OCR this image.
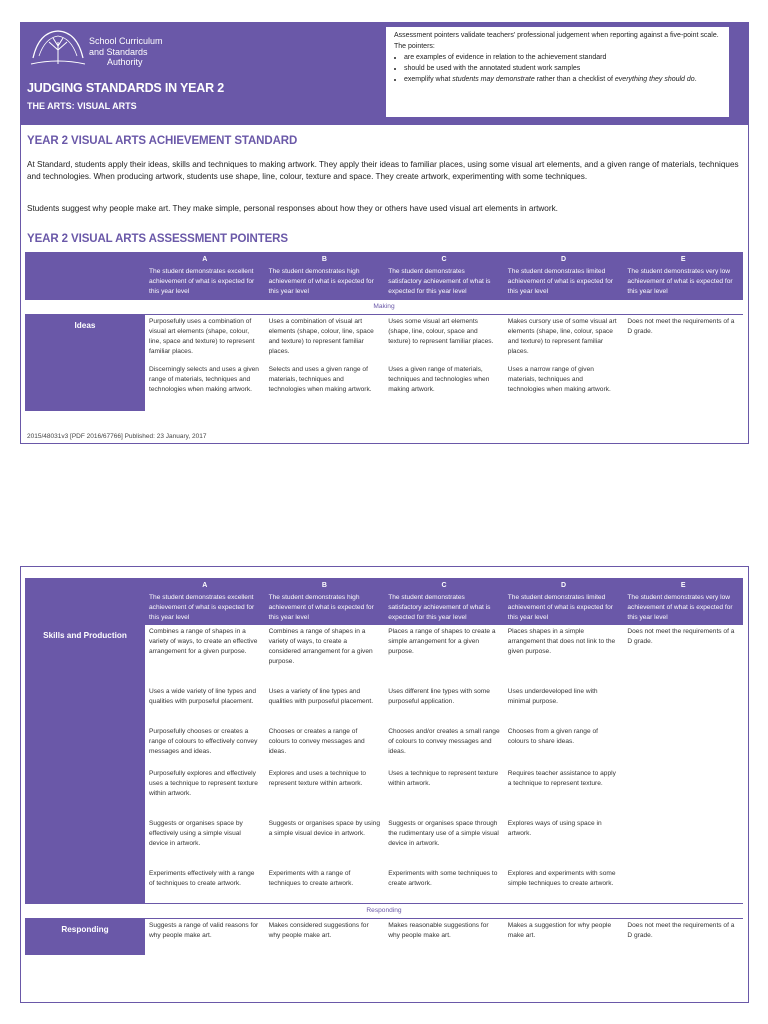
School Curriculum
and Standards
Authority
JUDGING STANDARDS IN YEAR 2
THE ARTS: VISUAL ARTS
Assessment pointers validate teachers' professional judgement when reporting against a five-point scale. The pointers:
• are examples of evidence in relation to the achievement standard
• should be used with the annotated student work samples
• exemplify what students may demonstrate rather than a checklist of everything they should do.
YEAR 2 VISUAL ARTS ACHIEVEMENT STANDARD
At Standard, students apply their ideas, skills and techniques to making artwork. They apply their ideas to familiar places, using some visual art elements, and a given range of materials, techniques and technologies. When producing artwork, students use shape, line, colour, texture and space. They create artwork, experimenting with some techniques.
Students suggest why people make art. They make simple, personal responses about how they or others have used visual art elements in artwork.
YEAR 2 VISUAL ARTS ASSESSMENT POINTERS
	A	B	C	D	E
	The student demonstrates excellent achievement of what is expected for this year level	The student demonstrates high achievement of what is expected for this year level	The student demonstrates satisfactory achievement of what is expected for this year level	The student demonstrates limited achievement of what is expected for this year level	The student demonstrates very low achievement of what is expected for this year level
Making					
Ideas	Purposefully uses a combination of visual art elements (shape, colour, line, space and texture) to represent familiar places.	Uses a combination of visual art elements (shape, colour, line, space and texture) to represent familiar places.	Uses some visual art elements (shape, line, colour, space and texture) to represent familiar places.	Makes cursory use of some visual art elements (shape, line, colour, space and texture) to represent familiar places.	Does not meet the requirements of a D grade.
	Discerningly selects and uses a given range of materials, techniques and technologies when making artwork.	Selects and uses a given range of materials, techniques and technologies when making artwork.	Uses a given range of materials, techniques and technologies when making artwork.	Uses a narrow range of given materials, techniques and technologies when making artwork.	
2015/48031v3 [PDF 2016/67766] Published: 23 January, 2017
	A	B	C	D	E
	The student demonstrates excellent achievement of what is expected for this year level	The student demonstrates high achievement of what is expected for this year level	The student demonstrates satisfactory achievement of what is expected for this year level	The student demonstrates limited achievement of what is expected for this year level	The student demonstrates very low achievement of what is expected for this year level
Skills and Production	Combines a range of shapes in a variety of ways, to create an effective arrangement for a given purpose.	Combines a range of shapes in a variety of ways, to create a considered arrangement for a given purpose.	Places a range of shapes to create a simple arrangement for a given purpose.	Places shapes in a simple arrangement that does not link to the given purpose.	Does not meet the requirements of a D grade.
	Uses a wide variety of line types and qualities with purposeful placement.	Uses a variety of line types and qualities with purposeful placement.	Uses different line types with some purposeful application.	Uses underdeveloped line with minimal purpose.	
	Purposefully chooses or creates a range of colours to effectively convey messages and ideas.	Chooses or creates a range of colours to convey messages and ideas.	Chooses and/or creates a small range of colours to convey messages and ideas.	Chooses from a given range of colours to share ideas.	
	Purposefully explores and effectively uses a technique to represent texture within artwork.	Explores and uses a technique to represent texture within artwork.	Uses a technique to represent texture within artwork.	Requires teacher assistance to apply a technique to represent texture.	
	Suggests or organises space by effectively using a simple visual device in artwork.	Suggests or organises space by using a simple visual device in artwork.	Suggests or organises space through the rudimentary use of a simple visual device in artwork.	Explores ways of using space in artwork.	
	Experiments effectively with a range of techniques to create artwork.	Experiments with a range of techniques to create artwork.	Experiments with some techniques to create artwork.	Explores and experiments with some simple techniques to create artwork.	
Responding					
Responding	Suggests a range of valid reasons for why people make art.	Makes considered suggestions for why people make art.	Makes reasonable suggestions for why people make art.	Makes a suggestion for why people make art.	Does not meet the requirements of a D grade.
